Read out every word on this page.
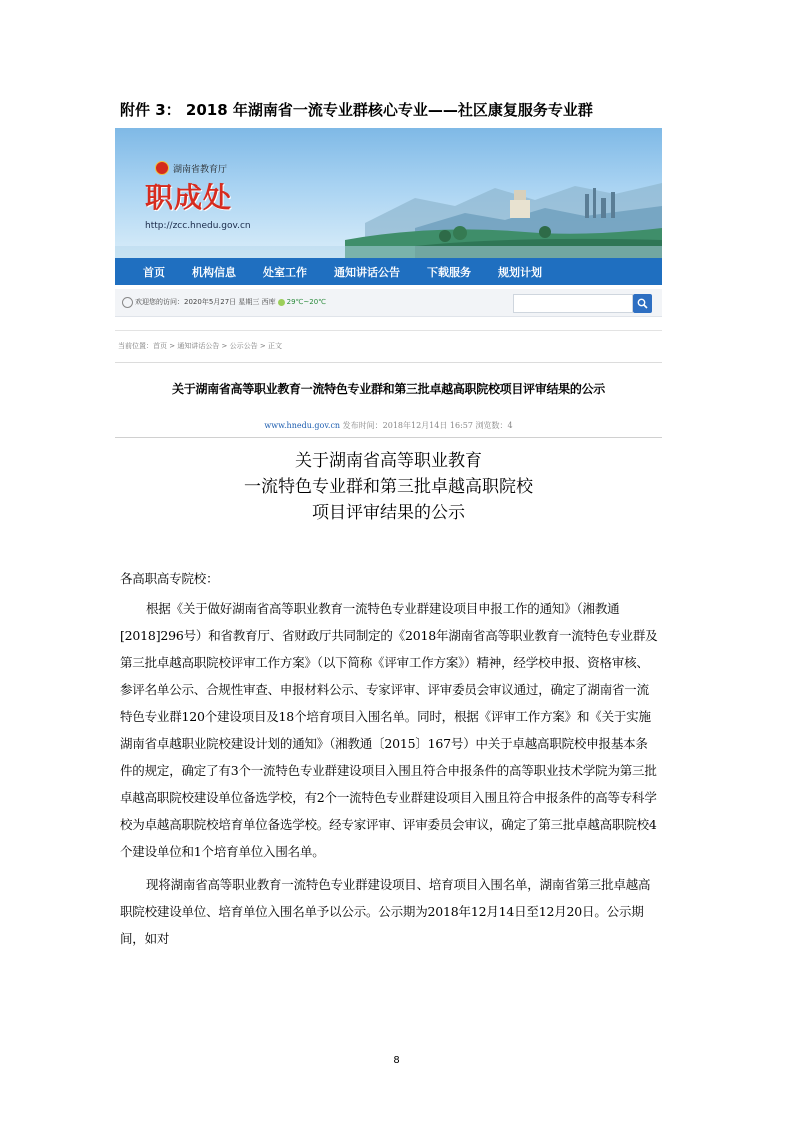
附件 3： 2018 年湖南省一流专业群核心专业——社区康复服务专业群
湖南省教育厅
职成处
http://zcc.hnedu.gov.cn
首页 机构信息 处室工作 通知讲话公告 下载服务 规划计划
欢迎您的访问：2020年5月27日 星期三 西库 29℃~20℃
当前位置：首页 > 通知讲话公告 > 公示公告 > 正文
关于湖南省高等职业教育一流特色专业群和第三批卓越高职院校项目评审结果的公示
www.hnedu.gov.cn 发布时间：2018年12月14日 16:57 浏览数：4
关于湖南省高等职业教育
一流特色专业群和第三批卓越高职院校
项目评审结果的公示

各高职高专院校：

根据《关于做好湖南省高等职业教育一流特色专业群建设项目申报工作的通知》（湘教通[2018]296号）和省教育厅、省财政厅共同制定的《2018年湖南省高等职业教育一流特色专业群及第三批卓越高职院校评审工作方案》（以下简称《评审工作方案》）精神，经学校申报、资格审核、参评名单公示、合规性审查、申报材料公示、专家评审、评审委员会审议通过，确定了湖南省一流特色专业群120个建设项目及18个培育项目入围名单。同时，根据《评审工作方案》和《关于实施湖南省卓越职业院校建设计划的通知》（湘教通〔2015〕167号）中关于卓越高职院校申报基本条件的规定，确定了有3个一流特色专业群建设项目入围且符合申报条件的高等职业技术学院为第三批卓越高职院校建设单位备选学校，有2个一流特色专业群建设项目入围且符合申报条件的高等专科学校为卓越高职院校培育单位备选学校。经专家评审、评审委员会审议，确定了第三批卓越高职院校4个建设单位和1个培育单位入围名单。

现将湖南省高等职业教育一流特色专业群建设项目、培育项目入围名单，湖南省第三批卓越高职院校建设单位、培育单位入围名单予以公示。公示期为2018年12月14日至12月20日。公示期间，如对

8
